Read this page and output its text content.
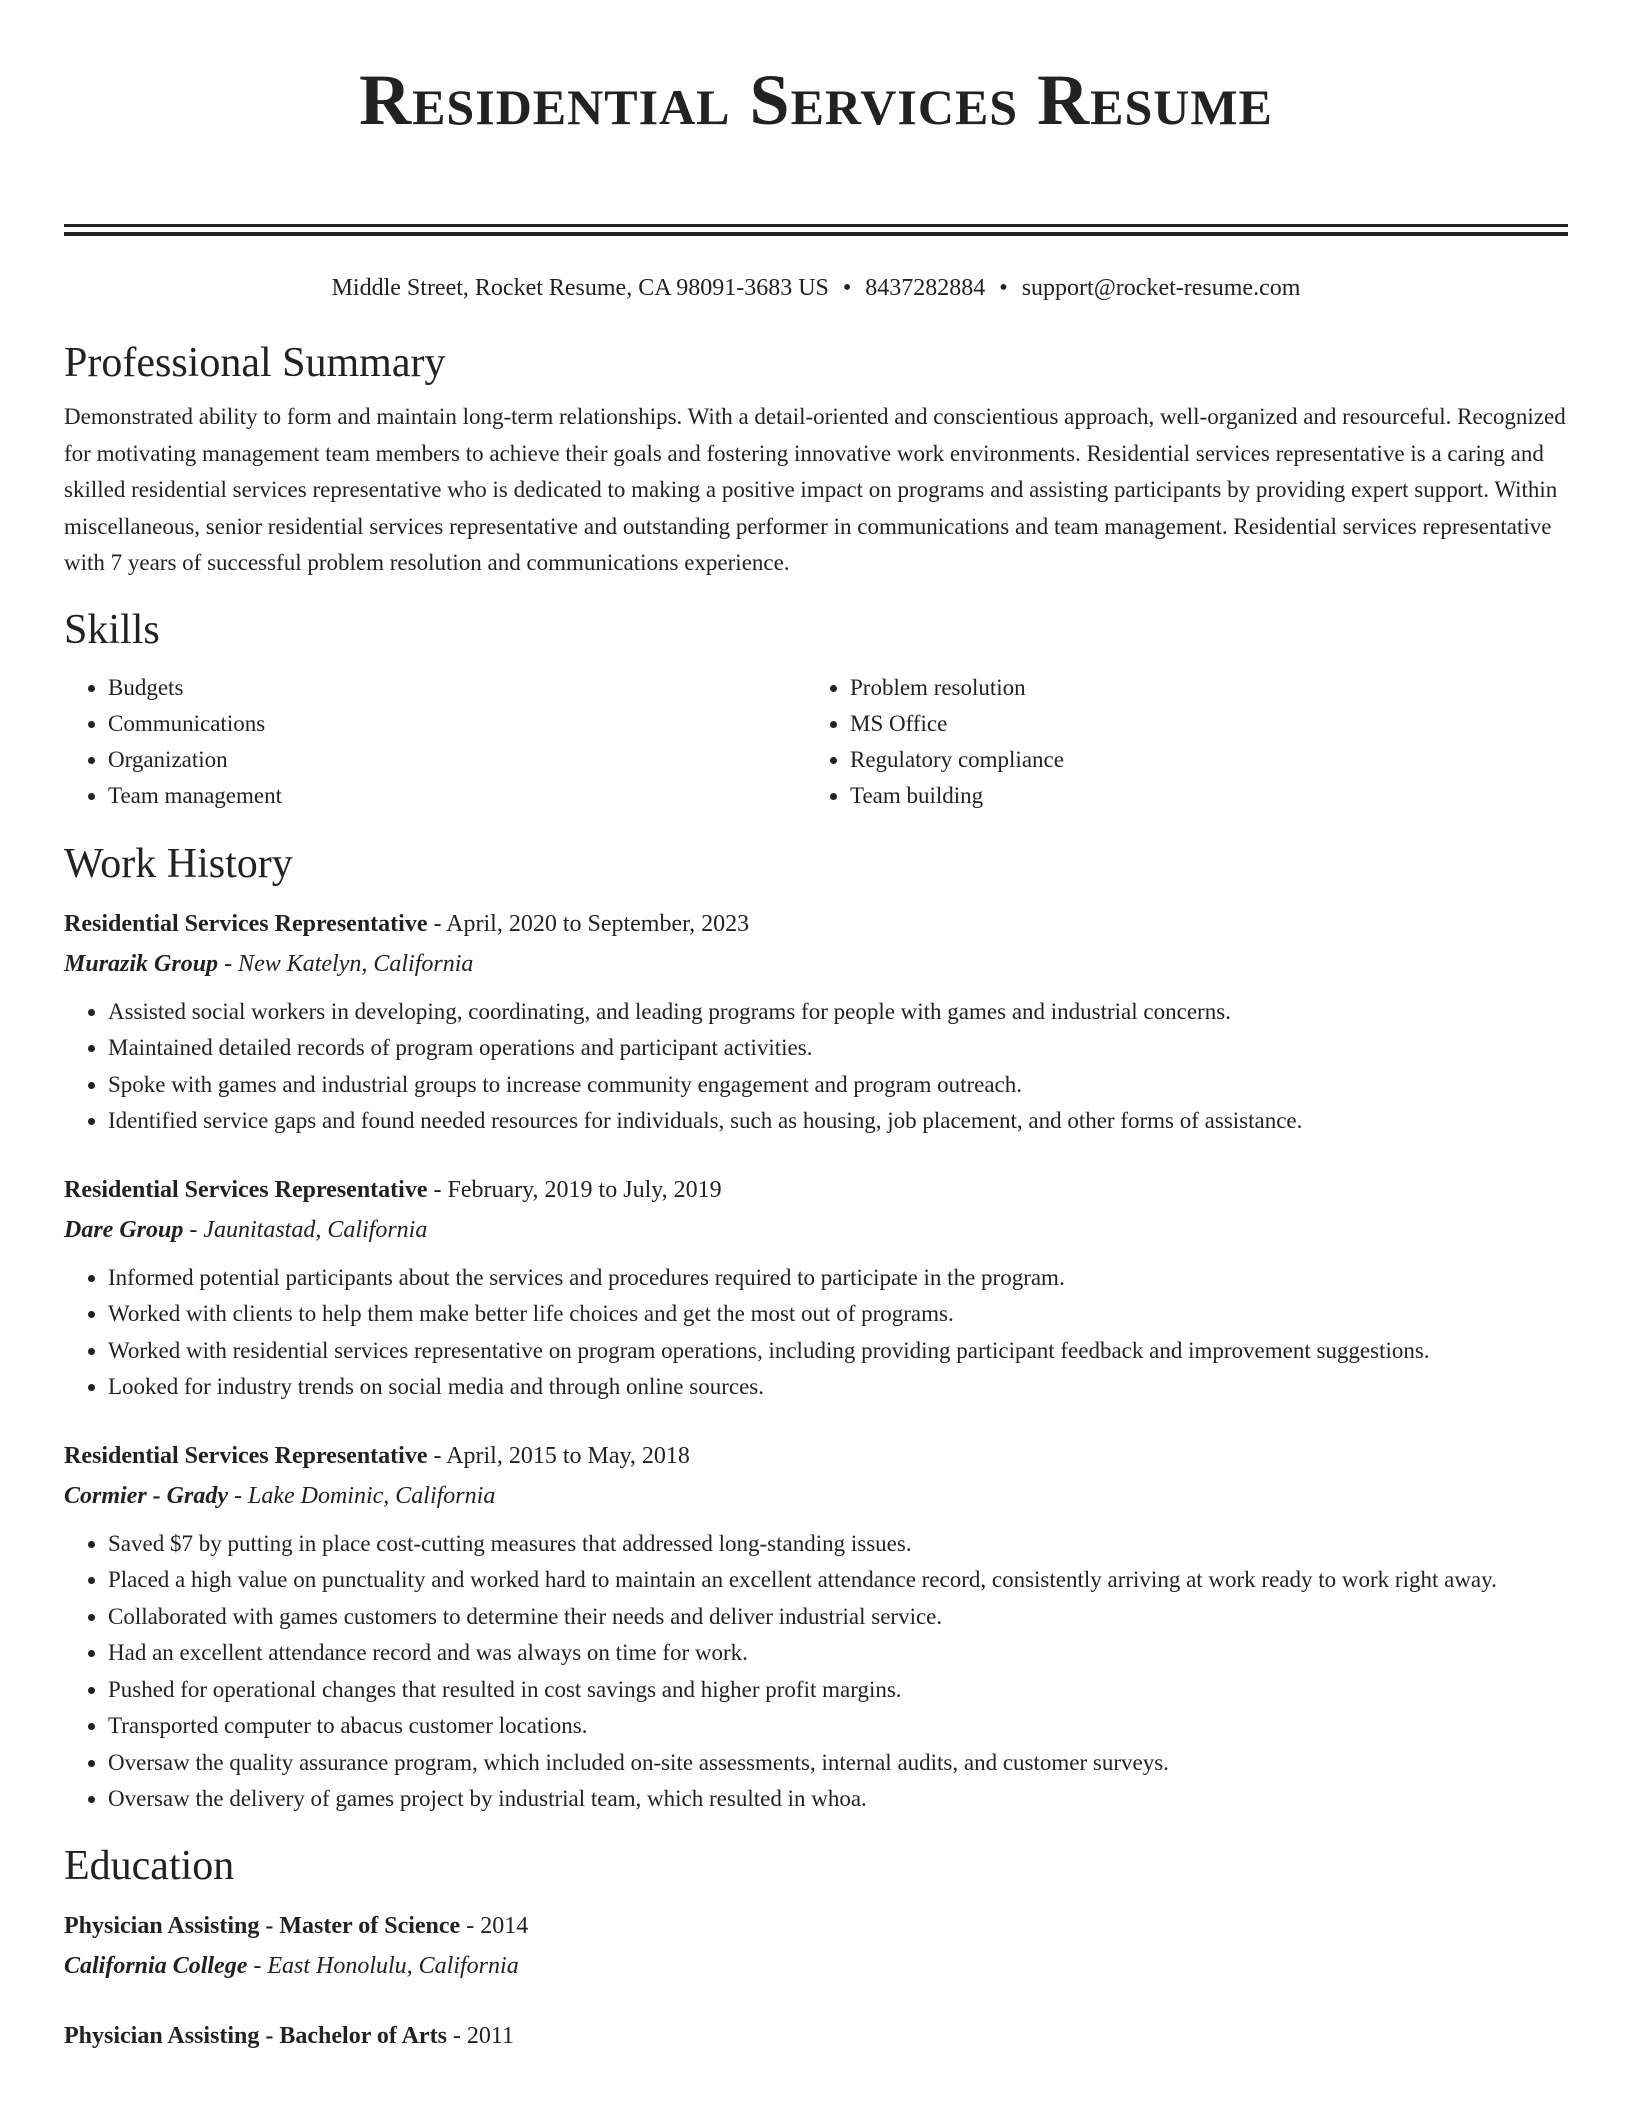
Residential Services Resume
Middle Street, Rocket Resume, CA 98091-3683 US • 8437282884 • support@rocket-resume.com
Professional Summary

Demonstrated ability to form and maintain long-term relationships. With a detail-oriented and conscientious approach, well-organized and resourceful. Recognized for motivating management team members to achieve their goals and fostering innovative work environments. Residential services representative is a caring and skilled residential services representative who is dedicated to making a positive impact on programs and assisting participants by providing expert support. Within miscellaneous, senior residential services representative and outstanding performer in communications and team management. Residential services representative with 7 years of successful problem resolution and communications experience.

Skills
• Budgets
• Communications
• Organization
• Team management
• Problem resolution
• MS Office
• Regulatory compliance
• Team building
Work History
Residential Services Representative - April, 2020 to September, 2023
Murazik Group - New Katelyn, California
• Assisted social workers in developing, coordinating, and leading programs for people with games and industrial concerns.
• Maintained detailed records of program operations and participant activities.
• Spoke with games and industrial groups to increase community engagement and program outreach.
• Identified service gaps and found needed resources for individuals, such as housing, job placement, and other forms of assistance.
Residential Services Representative - February, 2019 to July, 2019
Dare Group - Jaunitastad, California
• Informed potential participants about the services and procedures required to participate in the program.
• Worked with clients to help them make better life choices and get the most out of programs.
• Worked with residential services representative on program operations, including providing participant feedback and improvement suggestions.
• Looked for industry trends on social media and through online sources.
Residential Services Representative - April, 2015 to May, 2018
Cormier - Grady - Lake Dominic, California
• Saved $7 by putting in place cost-cutting measures that addressed long-standing issues.
• Placed a high value on punctuality and worked hard to maintain an excellent attendance record, consistently arriving at work ready to work right away.
• Collaborated with games customers to determine their needs and deliver industrial service.
• Had an excellent attendance record and was always on time for work.
• Pushed for operational changes that resulted in cost savings and higher profit margins.
• Transported computer to abacus customer locations.
• Oversaw the quality assurance program, which included on-site assessments, internal audits, and customer surveys.
• Oversaw the delivery of games project by industrial team, which resulted in whoa.
Education
Physician Assisting - Master of Science - 2014
California College - East Honolulu, California
Physician Assisting - Bachelor of Arts - 2011
